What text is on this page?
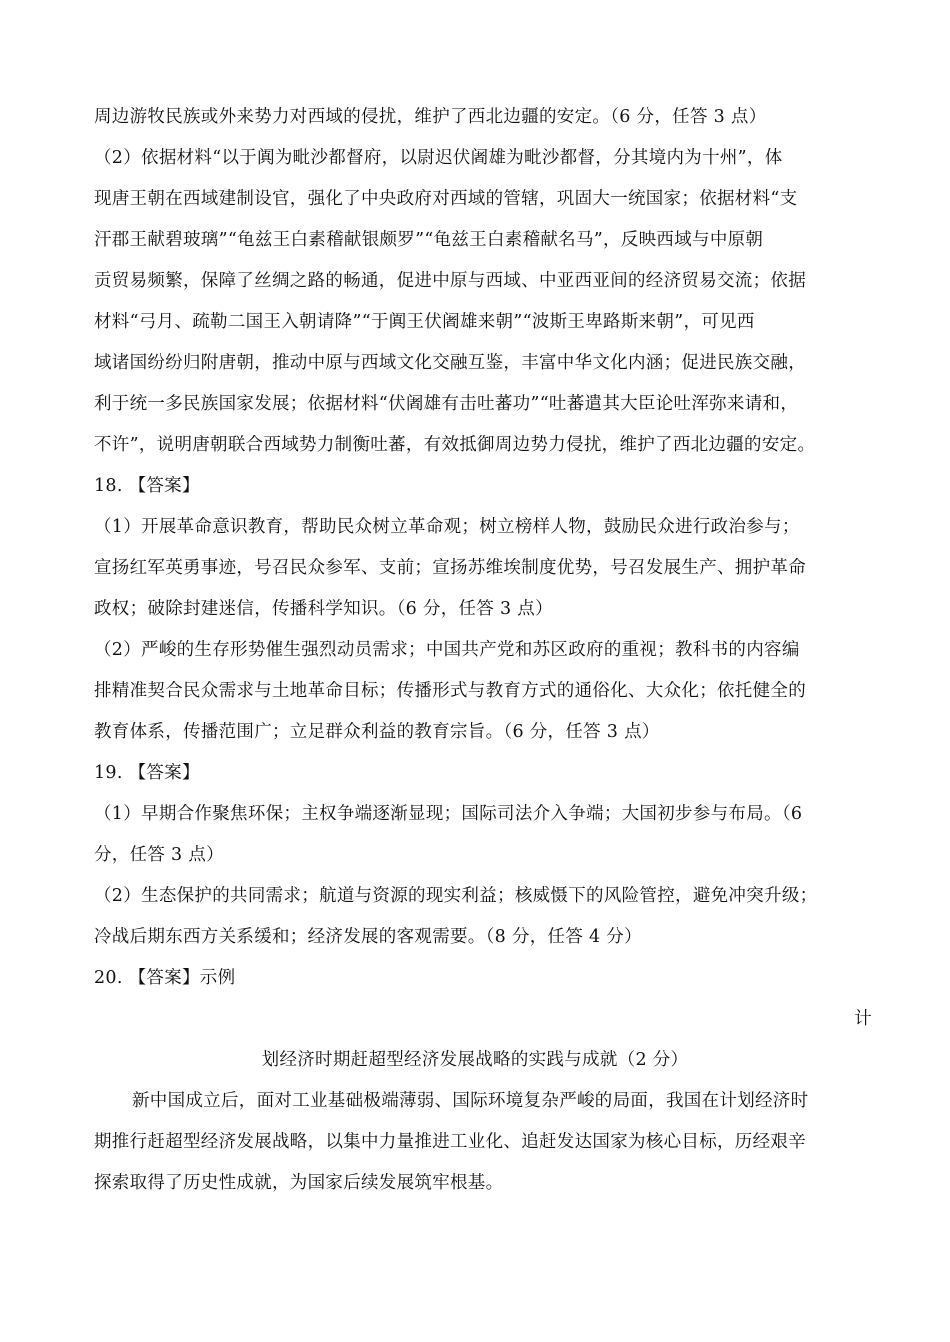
周边游牧民族或外来势力对西域的侵扰，维护了西北边疆的安定。（6 分，任答 3 点）
（2）依据材料“以于阗为毗沙都督府，以尉迟伏阇雄为毗沙都督，分其境内为十州”，体
现唐王朝在西域建制设官，强化了中央政府对西域的管辖，巩固大一统国家；依据材料“支
汗郡王献碧玻璃”“龟兹王白素稽献银颇罗”“龟兹王白素稽献名马”，反映西域与中原朝
贡贸易频繁，保障了丝绸之路的畅通，促进中原与西域、中亚西亚间的经济贸易交流；依据
材料“弓月、疏勒二国王入朝请降”“于阗王伏阇雄来朝”“波斯王卑路斯来朝”，可见西
域诸国纷纷归附唐朝，推动中原与西域文化交融互鉴，丰富中华文化内涵；促进民族交融，
利于统一多民族国家发展；依据材料“伏阇雄有击吐蕃功”“吐蕃遣其大臣论吐浑弥来请和，
不许”，说明唐朝联合西域势力制衡吐蕃，有效抵御周边势力侵扰，维护了西北边疆的安定。
18. 【答案】
（1）开展革命意识教育，帮助民众树立革命观；树立榜样人物，鼓励民众进行政治参与；
宣扬红军英勇事迹，号召民众参军、支前；宣扬苏维埃制度优势，号召发展生产、拥护革命
政权；破除封建迷信，传播科学知识。（6 分，任答 3 点）
（2）严峻的生存形势催生强烈动员需求；中国共产党和苏区政府的重视；教科书的内容编
排精准契合民众需求与土地革命目标；传播形式与教育方式的通俗化、大众化；依托健全的
教育体系，传播范围广；立足群众利益的教育宗旨。（6 分，任答 3 点）
19. 【答案】
（1）早期合作聚焦环保；主权争端逐渐显现；国际司法介入争端；大国初步参与布局。（6
分，任答 3 点）
（2）生态保护的共同需求；航道与资源的现实利益；核威慑下的风险管控，避免冲突升级；
冷战后期东西方关系缓和；经济发展的客观需要。（8 分，任答 4 分）
20. 【答案】示例
计
划经济时期赶超型经济发展战略的实践与成就（2 分）
新中国成立后，面对工业基础极端薄弱、国际环境复杂严峻的局面，我国在计划经济时
期推行赶超型经济发展战略，以集中力量推进工业化、追赶发达国家为核心目标，历经艰辛
探索取得了历史性成就，为国家后续发展筑牢根基。
